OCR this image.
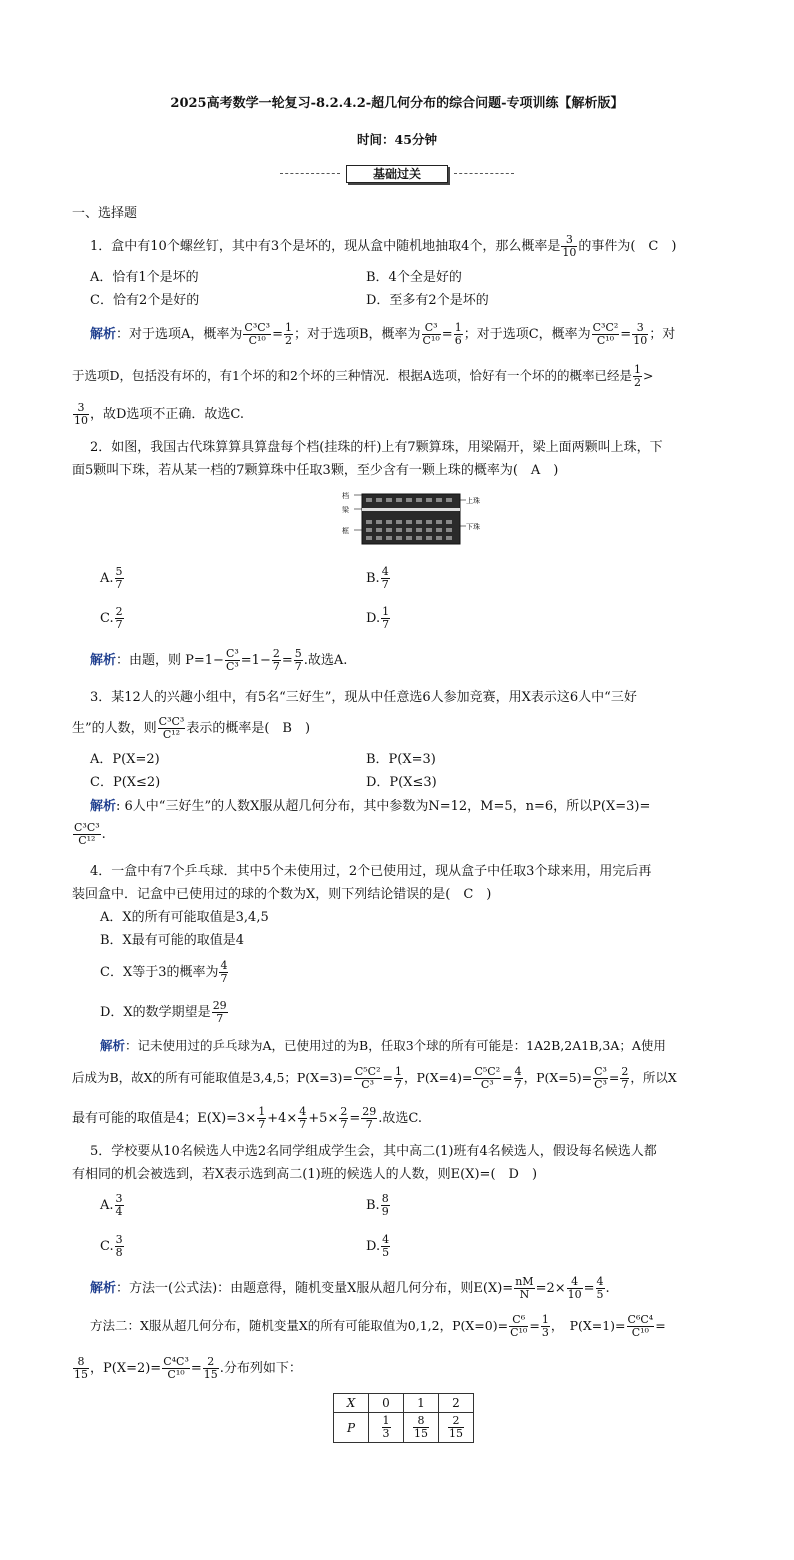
2025高考数学一轮复习-8.2.4.2-超几何分布的综合问题-专项训练【解析版】
时间：45分钟
基础过关
一、选择题
1．盒中有10个螺丝钉，其中有3个是坏的，现从盒中随机地抽取4个，那么概率是 $\frac{3}{10}$ 的事件为(　C　)
A．恰有1个是坏的	B．4个全是好的
C．恰有2个是好的	D．至多有2个是坏的
解析：对于选项A，概率为 $\frac{\text{C³C³}}{\text{C¹⁰}} = \frac{1}{2}$ ；对于选项B，概率为 $\frac{\text{C³}}{\text{C¹⁰}} = \frac{1}{6}$ ；对于选项C，概率为 $\frac{\text{C³C²}}{\text{C¹⁰}} = \frac{3}{10}$ ；对
于选项D，包括没有坏的，有1个坏的和2个坏的三种情况．根据A选项，恰好有一个坏的的概率已经是 $\frac{1}{2}$ >
$\frac{3}{10}$ ，故D选项不正确．故选C.
2．如图，我国古代珠算算具算盘每个档(挂珠的杆)上有7颗算珠，用梁隔开，梁上面两颗叫上珠，下
面5颗叫下珠，若从某一档的7颗算珠中任取3颗，至少含有一颗上珠的概率为(　A　)
档
梁
框
上珠
下珠
A. $\frac{5}{7}$	B. $\frac{4}{7}$
C. $\frac{2}{7}$	D. $\frac{1}{7}$
解析：由题，则 $P=1- \frac{\text{C³}}{\text{C³}} =1- \frac{2}{7} = \frac{5}{7}$ .故选A.
3．某12人的兴趣小组中，有5名“三好生”，现从中任意选6人参加竞赛，用X表示这6人中“三好
生”的人数，则 $\frac{\text{C³C³}}{\text{C¹²}}$ 表示的概率是(　B　)
A．P(X=2)	B．P(X=3)
C．P(X≤2)	D．P(X≤3)
解析: 6人中“三好生”的人数X服从超几何分布，其中参数为N=12，M=5，n=6，所以P(X=3)=
$\frac{\text{C³C³}}{\text{C¹²}}$ .
4．一盒中有7个乒乓球．其中5个未使用过，2个已使用过，现从盒子中任取3个球来用，用完后再
装回盒中．记盒中已使用过的球的个数为X，则下列结论错误的是(　C　)
A．X的所有可能取值是3,4,5
B．X最有可能的取值是4
C．X等于3的概率为 $\frac{4}{7}$
D．X的数学期望是 $\frac{29}{7}$
解析：记未使用过的乒乓球为A，已使用过的为B，任取3个球的所有可能是：1A2B,2A1B,3A；A使用
后成为B，故X的所有可能取值是3,4,5；$P(X=3)= \frac{\text{C⁵C²}}{\text{C³}} = \frac{1}{7}$ ，$P(X=4)= \frac{\text{C⁵C²}}{\text{C³}} = \frac{4}{7}$ ，$P(X=5)= \frac{\text{C³}}{\text{C³}} = \frac{2}{7}$ ，所以X
最有可能的取值是4；$E(X)=3\times \frac{1}{7} +4\times \frac{4}{7} +5\times \frac{2}{7} = \frac{29}{7}$ .故选C.
5．学校要从10名候选人中选2名同学组成学生会，其中高二(1)班有4名候选人，假设每名候选人都
有相同的机会被选到，若X表示选到高二(1)班的候选人的人数，则E(X)=(　D　)
A. $\frac{3}{4}$	B. $\frac{8}{9}$
C. $\frac{3}{8}$	D. $\frac{4}{5}$
解析：方法一(公式法)：由题意得，随机变量X服从超几何分布，则$E(X)= \frac{nM}{N} =2\times \frac{4}{10} = \frac{4}{5}$ .
方法二：X服从超几何分布，随机变量X的所有可能取值为0,1,2，$P(X=0)= \frac{\text{C⁶}}{\text{C¹⁰}} = \frac{1}{3}$ ，　$P(X=1)= \frac{\text{C⁶C⁴}}{\text{C¹⁰}}$ =
$\frac{8}{15}$ ，$P(X=2)= \frac{\text{C⁴C³}}{\text{C¹⁰}} = \frac{2}{15}$ .分布列如下：
X	0	1	2
P	$\frac{1}{3}$	$\frac{8}{15}$	$\frac{2}{15}$
